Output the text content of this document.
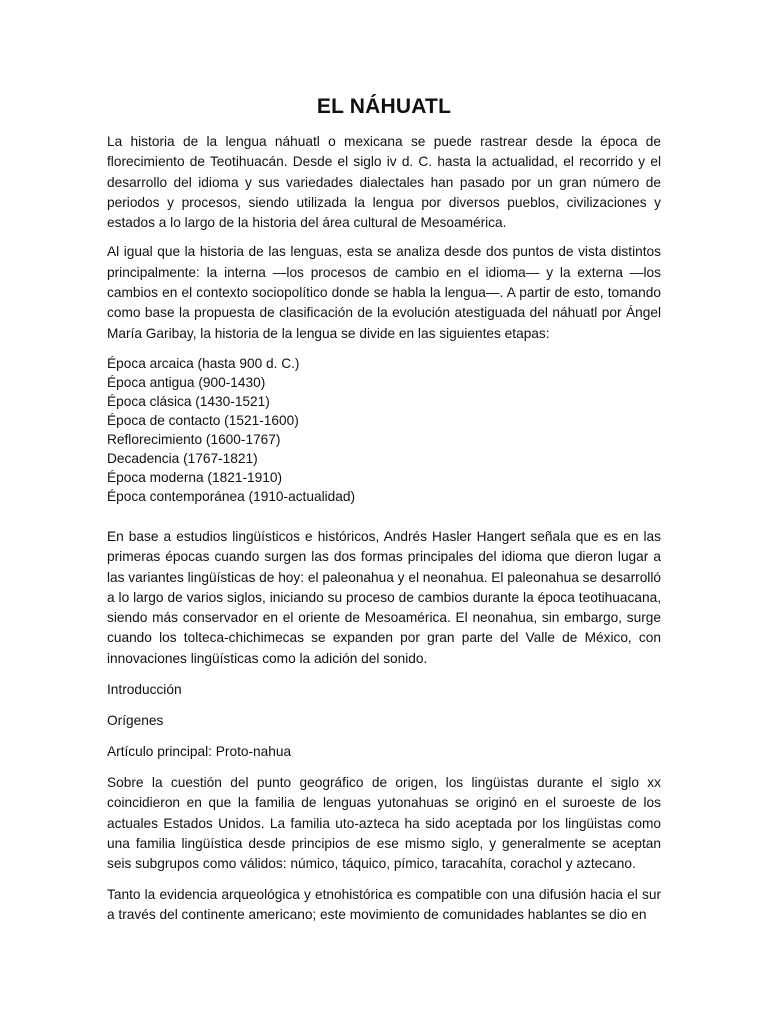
EL NÁHUATL

La historia de la lengua náhuatl o mexicana se puede rastrear desde la época de florecimiento de Teotihuacán. Desde el siglo iv d. C. hasta la actualidad, el recorrido y el desarrollo del idioma y sus variedades dialectales han pasado por un gran número de periodos y procesos, siendo utilizada la lengua por diversos pueblos, civilizaciones y estados a lo largo de la historia del área cultural de Mesoamérica.

Al igual que la historia de las lenguas, esta se analiza desde dos puntos de vista distintos principalmente: la interna —los procesos de cambio en el idioma— y la externa —los cambios en el contexto sociopolítico donde se habla la lengua—. A partir de esto, tomando como base la propuesta de clasificación de la evolución atestiguada del náhuatl por Ángel María Garibay, la historia de la lengua se divide en las siguientes etapas:

Época arcaica (hasta 900 d. C.)
Época antigua (900-1430)
Época clásica (1430-1521)
Época de contacto (1521-1600)
Reflorecimiento (1600-1767)
Decadencia (1767-1821)
Época moderna (1821-1910)
Época contemporánea (1910-actualidad)

En base a estudios lingüísticos e históricos, Andrés Hasler Hangert señala que es en las primeras épocas cuando surgen las dos formas principales del idioma que dieron lugar a las variantes lingüísticas de hoy: el paleonahua y el neonahua. El paleonahua se desarrolló a lo largo de varios siglos, iniciando su proceso de cambios durante la época teotihuacana, siendo más conservador en el oriente de Mesoamérica. El neonahua, sin embargo, surge cuando los tolteca-chichimecas se expanden por gran parte del Valle de México, con innovaciones lingüísticas como la adición del sonido.

Introducción

Orígenes

Artículo principal: Proto-nahua

Sobre la cuestión del punto geográfico de origen, los lingüistas durante el siglo xx coincidieron en que la familia de lenguas yutonahuas se originó en el suroeste de los actuales Estados Unidos. La familia uto-azteca ha sido aceptada por los lingüistas como una familia lingüística desde principios de ese mismo siglo, y generalmente se aceptan seis subgrupos como válidos: númico, táquico, pímico, taracahíta, corachol y aztecano.

Tanto la evidencia arqueológica y etnohistórica es compatible con una difusión hacia el sur a través del continente americano; este movimiento de comunidades hablantes se dio en
